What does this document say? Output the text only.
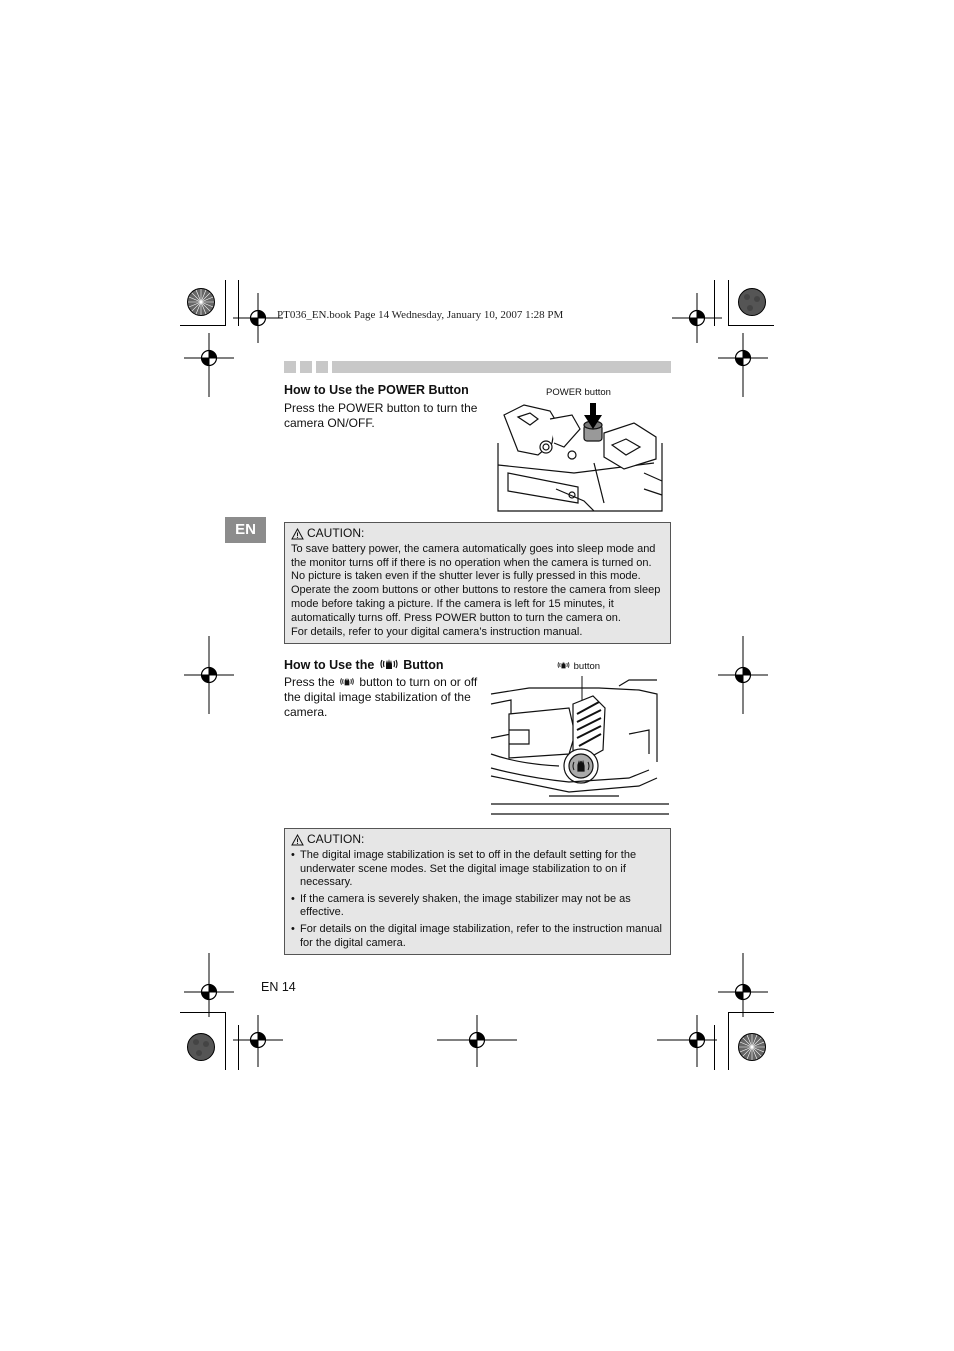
PT036_EN.book Page 14 Wednesday, January 10, 2007 1:28 PM
EN
How to Use the POWER Button

Press the POWER button to turn the camera ON/OFF.

POWER button
CAUTION:
To save battery power, the camera automatically goes into sleep mode and
the monitor turns off if there is no operation when the camera is turned on.
No picture is taken even if the shutter lever is fully pressed in this mode.
Operate the zoom buttons or other buttons to restore the camera from sleep
mode before taking a picture. If the camera is left for 15 minutes, it
automatically turns off. Press POWER button to turn the camera on.
For details, refer to your digital camera’s instruction manual.
How to Use the Button

Press the button to turn on or off the digital image stabilization of the camera.

button
CAUTION:
• The digital image stabilization is set to off in the default setting for the underwater scene modes. Set the digital image stabilization to on if necessary.
• If the camera is severely shaken, the image stabilizer may not be as effective.
• For details on the digital image stabilization, refer to the instruction manual for the digital camera.
EN 14
